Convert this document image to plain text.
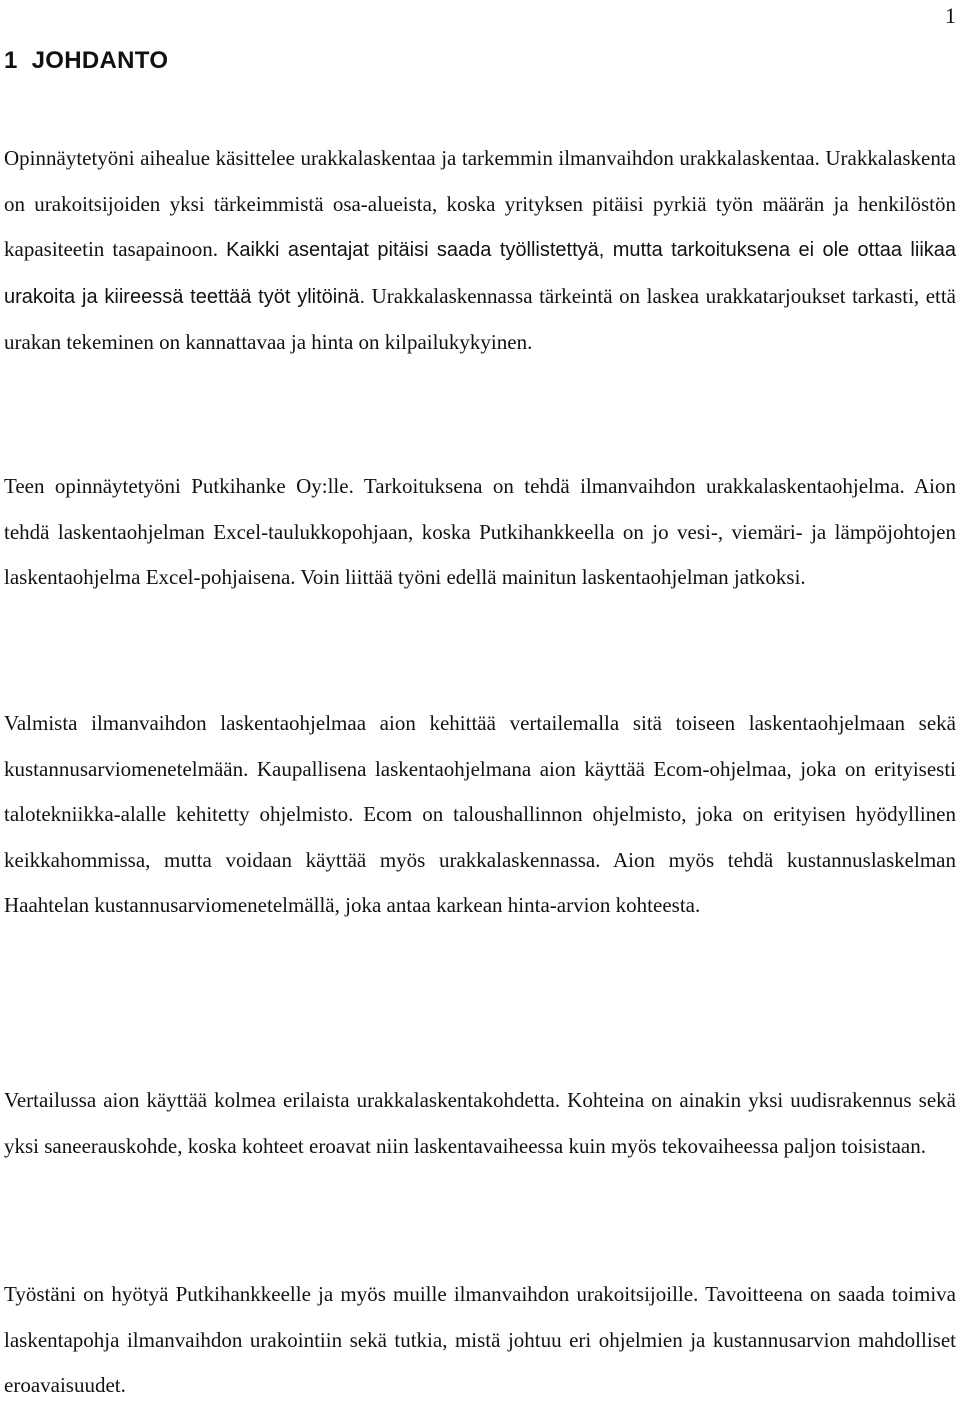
1
1 JOHDANTO

Opinnäytetyöni aihealue käsittelee urakkalaskentaa ja tarkemmin ilmanvaihdon urakkalaskentaa. Urakkalaskenta on urakoitsijoiden yksi tärkeimmistä osa-alueista, koska yrityksen pitäisi pyrkiä työn määrän ja henkilöstön kapasiteetin tasapainoon. Kaikki asentajat pitäisi saada työllistettyä, mutta tarkoituksena ei ole ottaa liikaa urakoita ja kiireessä teettää työt ylitöinä. Urakkalaskennassa tärkeintä on laskea urakkatarjoukset tarkasti, että urakan tekeminen on kannattavaa ja hinta on kilpailukykyinen.

Teen opinnäytetyöni Putkihanke Oy:lle. Tarkoituksena on tehdä ilmanvaihdon urakkalaskentaohjelma. Aion tehdä laskentaohjelman Excel-taulukkopohjaan, koska Putkihankkeella on jo vesi-, viemäri- ja lämpöjohtojen laskentaohjelma Excel-pohjaisena. Voin liittää työni edellä mainitun laskentaohjelman jatkoksi.

Valmista ilmanvaihdon laskentaohjelmaa aion kehittää vertailemalla sitä toiseen laskentaohjelmaan sekä kustannusarviomenetelmään. Kaupallisena laskentaohjelmana aion käyttää Ecom-ohjelmaa, joka on erityisesti talotekniikka-alalle kehitetty ohjelmisto. Ecom on taloushallinnon ohjelmisto, joka on erityisen hyödyllinen keikkahommissa, mutta voidaan käyttää myös urakkalaskennassa. Aion myös tehdä kustannuslaskelman Haahtelan kustannusarviomenetelmällä, joka antaa karkean hinta-arvion kohteesta.

Vertailussa aion käyttää kolmea erilaista urakkalaskentakohdetta. Kohteina on ainakin yksi uudisrakennus sekä yksi saneerauskohde, koska kohteet eroavat niin laskentavaiheessa kuin myös tekovaiheessa paljon toisistaan.

Työstäni on hyötyä Putkihankkeelle ja myös muille ilmanvaihdon urakoitsijoille. Tavoitteena on saada toimiva laskentapohja ilmanvaihdon urakointiin sekä tutkia, mistä johtuu eri ohjelmien ja kustannusarvion mahdolliset eroavaisuudet.
